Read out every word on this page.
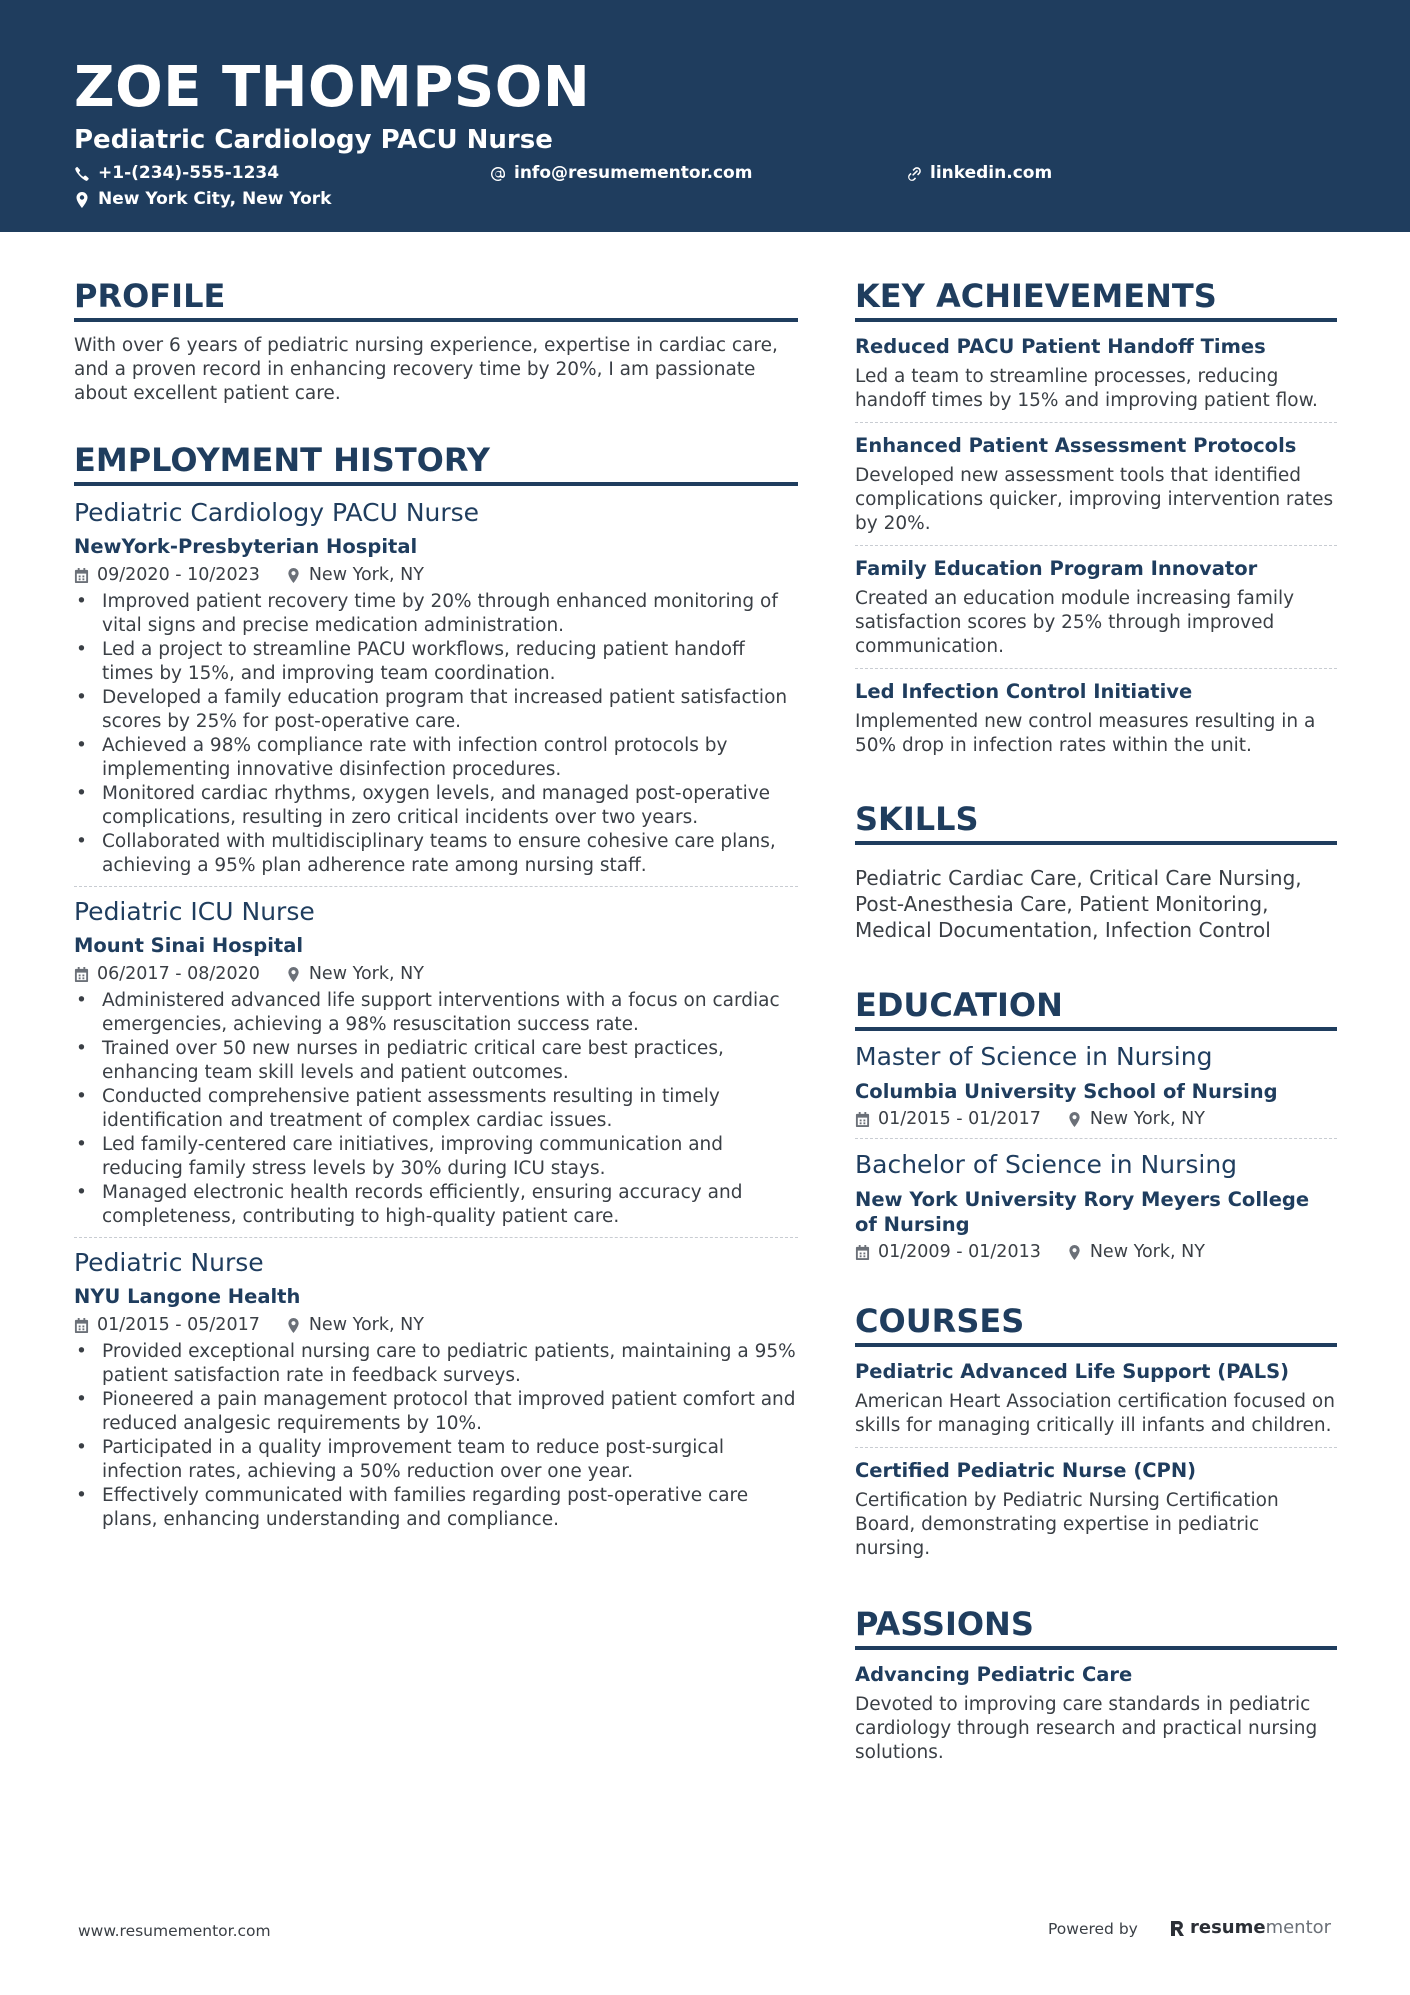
ZOE THOMPSON
Pediatric Cardiology PACU Nurse
+1-(234)-555-1234	info@resumementor.com	linkedin.com
New York City, New York
PROFILE

With over 6 years of pediatric nursing experience, expertise in cardiac care, and a proven record in enhancing recovery time by 20%, I am passionate about excellent patient care.

EMPLOYMENT HISTORY
Pediatric Cardiology PACU Nurse
NewYork-Presbyterian Hospital
09/2020 - 10/2023	New York, NY
• Improved patient recovery time by 20% through enhanced monitoring of vital signs and precise medication administration.
• Led a project to streamline PACU workflows, reducing patient handoff times by 15%, and improving team coordination.
• Developed a family education program that increased patient satisfaction scores by 25% for post-operative care.
• Achieved a 98% compliance rate with infection control protocols by implementing innovative disinfection procedures.
• Monitored cardiac rhythms, oxygen levels, and managed post-operative complications, resulting in zero critical incidents over two years.
• Collaborated with multidisciplinary teams to ensure cohesive care plans, achieving a 95% plan adherence rate among nursing staff.
Pediatric ICU Nurse
Mount Sinai Hospital
06/2017 - 08/2020	New York, NY
• Administered advanced life support interventions with a focus on cardiac emergencies, achieving a 98% resuscitation success rate.
• Trained over 50 new nurses in pediatric critical care best practices, enhancing team skill levels and patient outcomes.
• Conducted comprehensive patient assessments resulting in timely identification and treatment of complex cardiac issues.
• Led family-centered care initiatives, improving communication and reducing family stress levels by 30% during ICU stays.
• Managed electronic health records efficiently, ensuring accuracy and completeness, contributing to high-quality patient care.
Pediatric Nurse
NYU Langone Health
01/2015 - 05/2017	New York, NY
• Provided exceptional nursing care to pediatric patients, maintaining a 95% patient satisfaction rate in feedback surveys.
• Pioneered a pain management protocol that improved patient comfort and reduced analgesic requirements by 10%.
• Participated in a quality improvement team to reduce post-surgical infection rates, achieving a 50% reduction over one year.
• Effectively communicated with families regarding post-operative care plans, enhancing understanding and compliance.
KEY ACHIEVEMENTS
Reduced PACU Patient Handoff Times
Led a team to streamline processes, reducing handoff times by 15% and improving patient flow.
Enhanced Patient Assessment Protocols
Developed new assessment tools that identified complications quicker, improving intervention rates by 20%.
Family Education Program Innovator
Created an education module increasing family satisfaction scores by 25% through improved communication.
Led Infection Control Initiative
Implemented new control measures resulting in a 50% drop in infection rates within the unit.
SKILLS

Pediatric Cardiac Care, Critical Care Nursing, Post-Anesthesia Care, Patient Monitoring, Medical Documentation, Infection Control

EDUCATION
Master of Science in Nursing
Columbia University School of Nursing
01/2015 - 01/2017	New York, NY
Bachelor of Science in Nursing
New York University Rory Meyers College of Nursing
01/2009 - 01/2013	New York, NY
COURSES
Pediatric Advanced Life Support (PALS)
American Heart Association certification focused on skills for managing critically ill infants and children.
Certified Pediatric Nurse (CPN)
Certification by Pediatric Nursing Certification Board, demonstrating expertise in pediatric nursing.
PASSIONS
Advancing Pediatric Care
Devoted to improving care standards in pediatric cardiology through research and practical nursing solutions.
www.resumementor.com	Powered by	resume mentor
